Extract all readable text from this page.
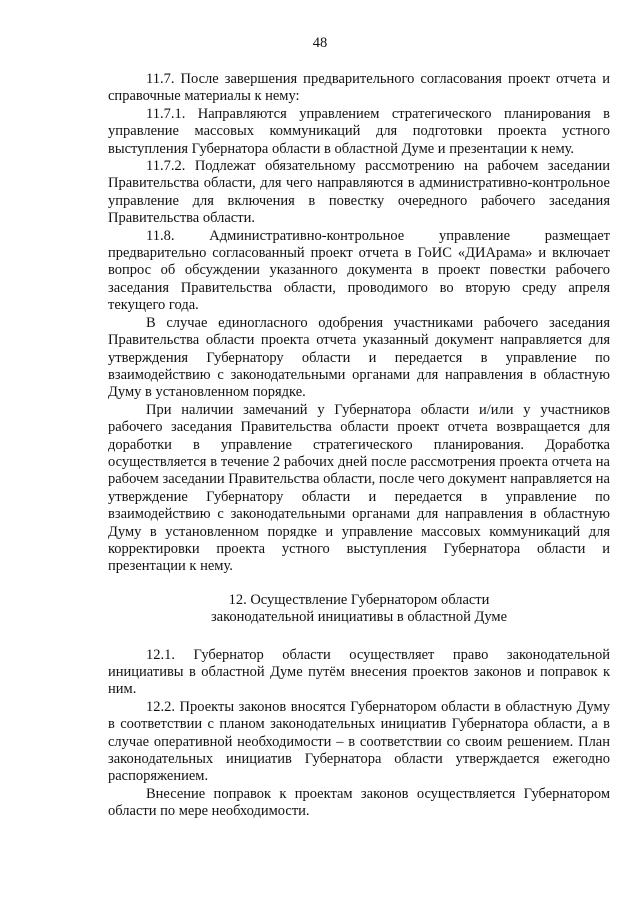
48

11.7. После завершения предварительного согласования проект отчета и справочные материалы к нему:

11.7.1. Направляются управлением стратегического планирования в управление массовых коммуникаций для подготовки проекта устного выступления Губернатора области в областной Думе и презентации к нему.

11.7.2. Подлежат обязательному рассмотрению на рабочем заседании Правительства области, для чего направляются в административно-контрольное управление для включения в повестку очередного рабочего заседания Правительства области.

11.8. Административно-контрольное управление размещает предварительно согласованный проект отчета в ГоИС «ДИАрама» и включает вопрос об обсуждении указанного документа в проект повестки рабочего заседания Правительства области, проводимого во вторую среду апреля текущего года.

В случае единогласного одобрения участниками рабочего заседания Правительства области проекта отчета указанный документ направляется для утверждения Губернатору области и передается в управление по взаимодействию с законодательными органами для направления в областную Думу в установленном порядке.

При наличии замечаний у Губернатора области и/или у участников рабочего заседания Правительства области проект отчета возвращается для доработки в управление стратегического планирования. Доработка осуществляется в течение 2 рабочих дней после рассмотрения проекта отчета на рабочем заседании Правительства области, после чего документ направляется на утверждение Губернатору области и передается в управление по взаимодействию с законодательными органами для направления в областную Думу в установленном порядке и управление массовых коммуникаций для корректировки проекта устного выступления Губернатора области и презентации к нему.

12. Осуществление Губернатором области
законодательной инициативы в областной Думе

12.1. Губернатор области осуществляет право законодательной инициативы в областной Думе путём внесения проектов законов и поправок к ним.

12.2. Проекты законов вносятся Губернатором области в областную Думу в соответствии с планом законодательных инициатив Губернатора области, а в случае оперативной необходимости – в соответствии со своим решением. План законодательных инициатив Губернатора области утверждается ежегодно распоряжением.

Внесение поправок к проектам законов осуществляется Губернатором области по мере необходимости.
